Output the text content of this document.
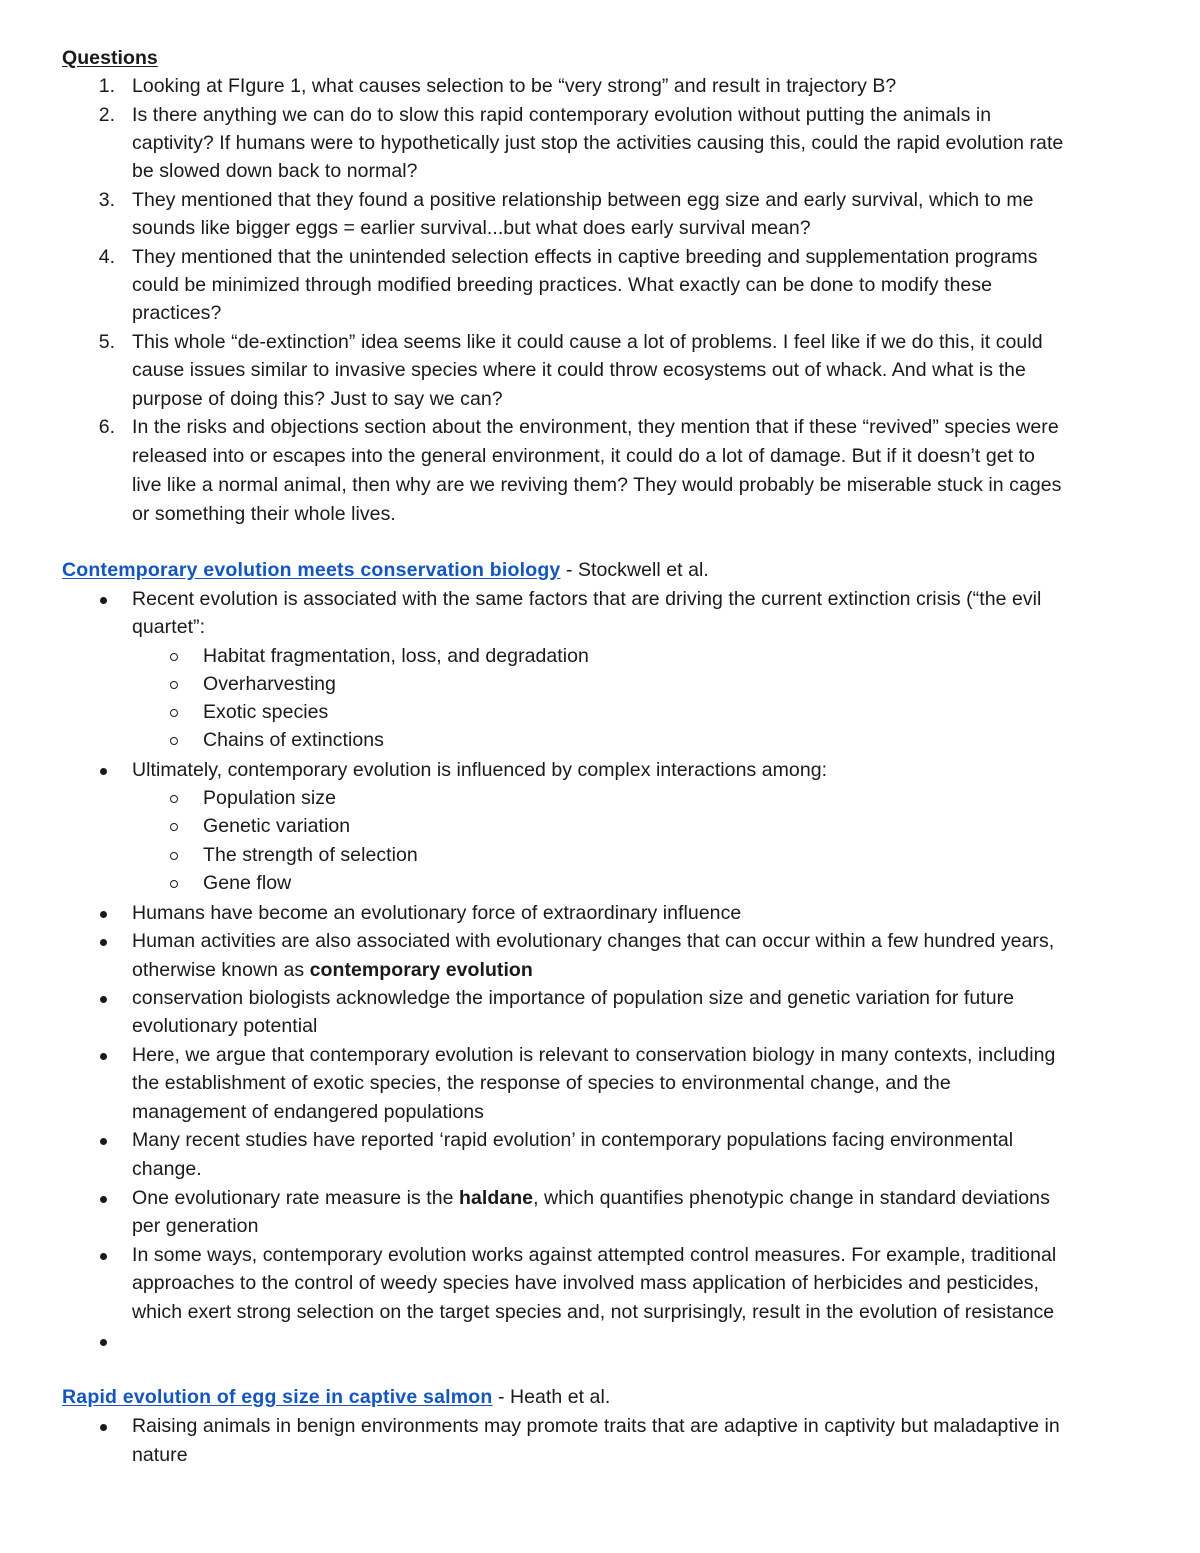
Questions
1. Looking at FIgure 1, what causes selection to be “very strong” and result in trajectory B?
2. Is there anything we can do to slow this rapid contemporary evolution without putting the animals in
captivity? If humans were to hypothetically just stop the activities causing this, could the rapid evolution rate
be slowed down back to normal?
3. They mentioned that they found a positive relationship between egg size and early survival, which to me
sounds like bigger eggs = earlier survival...but what does early survival mean?
4. They mentioned that the unintended selection effects in captive breeding and supplementation programs
could be minimized through modified breeding practices. What exactly can be done to modify these
practices?
5. This whole “de-extinction” idea seems like it could cause a lot of problems. I feel like if we do this, it could
cause issues similar to invasive species where it could throw ecosystems out of whack. And what is the
purpose of doing this? Just to say we can?
6. In the risks and objections section about the environment, they mention that if these “revived” species were
released into or escapes into the general environment, it could do a lot of damage. But if it doesn’t get to
live like a normal animal, then why are we reviving them? They would probably be miserable stuck in cages
or something their whole lives.
Contemporary evolution meets conservation biology - Stockwell et al.
Recent evolution is associated with the same factors that are driving the current extinction crisis (“the evil
quartet”:
Habitat fragmentation, loss, and degradation
Overharvesting
Exotic species
Chains of extinctions
Ultimately, contemporary evolution is influenced by complex interactions among:
Population size
Genetic variation
The strength of selection
Gene flow
Humans have become an evolutionary force of extraordinary influence
Human activities are also associated with evolutionary changes that can occur within a few hundred years,
otherwise known as contemporary evolution
conservation biologists acknowledge the importance of population size and genetic variation for future
evolutionary potential
Here, we argue that contemporary evolution is relevant to conservation biology in many contexts, including
the establishment of exotic species, the response of species to environmental change, and the
management of endangered populations
Many recent studies have reported ‘rapid evolution’ in contemporary populations facing environmental
change.
One evolutionary rate measure is the haldane, which quantifies phenotypic change in standard deviations
per generation
In some ways, contemporary evolution works against attempted control measures. For example, traditional
approaches to the control of weedy species have involved mass application of herbicides and pesticides,
which exert strong selection on the target species and, not surprisingly, result in the evolution of resistance
Rapid evolution of egg size in captive salmon - Heath et al.
Raising animals in benign environments may promote traits that are adaptive in captivity but maladaptive in
nature
